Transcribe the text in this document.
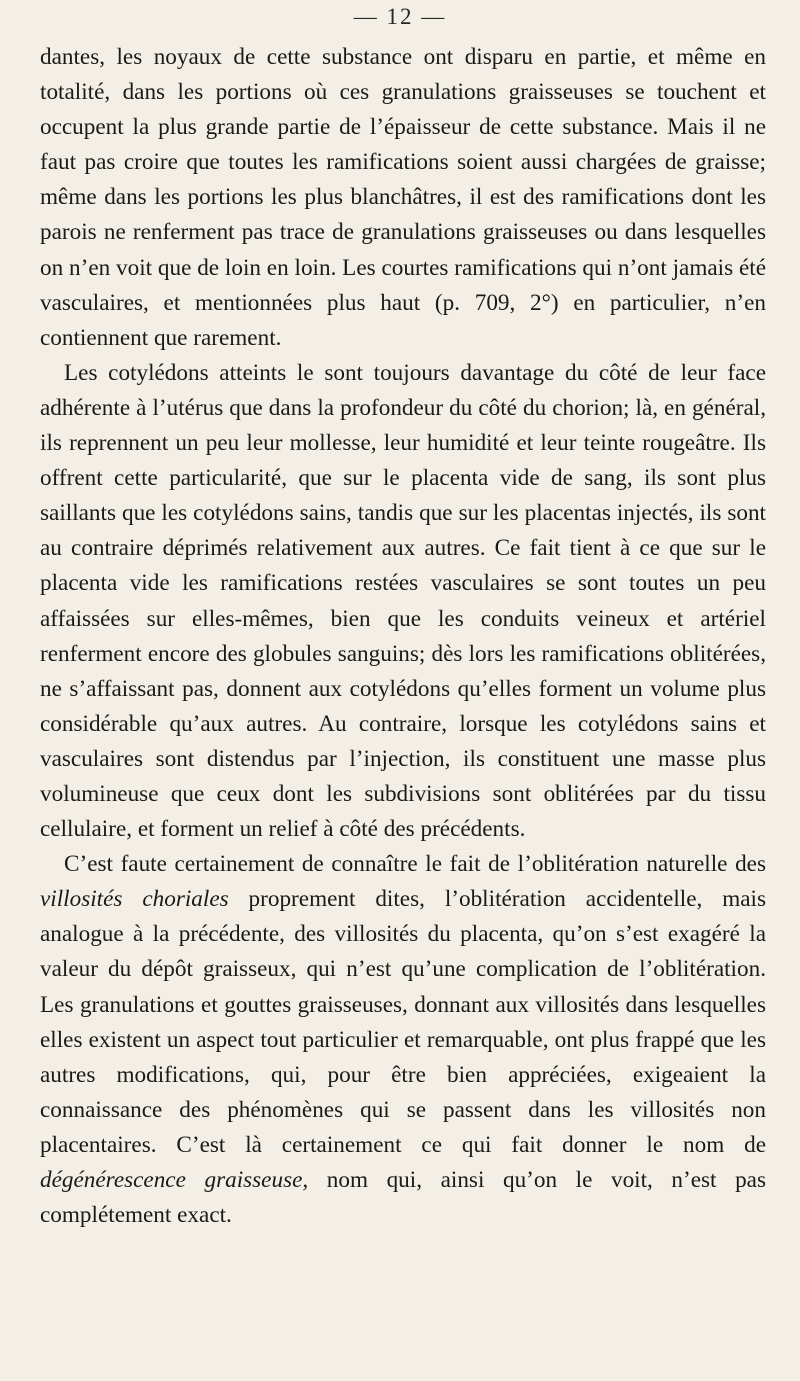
— 12 —

dantes, les noyaux de cette substance ont disparu en partie, et même en totalité, dans les portions où ces granulations graisseuses se touchent et occupent la plus grande partie de l’épaisseur de cette substance. Mais il ne faut pas croire que toutes les ramifications soient aussi chargées de graisse; même dans les portions les plus blanchâtres, il est des ramifications dont les parois ne renferment pas trace de granulations graisseuses ou dans lesquelles on n’en voit que de loin en loin. Les courtes ramifications qui n’ont jamais été vasculaires, et mentionnées plus haut (p. 709, 2°) en particulier, n’en contiennent que rarement.

Les cotylédons atteints le sont toujours davantage du côté de leur face adhérente à l’utérus que dans la profondeur du côté du chorion; là, en général, ils reprennent un peu leur mollesse, leur humidité et leur teinte rougeâtre. Ils offrent cette particularité, que sur le placenta vide de sang, ils sont plus saillants que les cotylédons sains, tandis que sur les placentas injectés, ils sont au contraire déprimés relativement aux autres. Ce fait tient à ce que sur le placenta vide les ramifications restées vasculaires se sont toutes un peu affaissées sur elles-mêmes, bien que les conduits veineux et artériel renferment encore des globules sanguins; dès lors les ramifications oblitérées, ne s’affaissant pas, donnent aux cotylédons qu’elles forment un volume plus considérable qu’aux autres. Au contraire, lorsque les cotylédons sains et vasculaires sont distendus par l’injection, ils constituent une masse plus volumineuse que ceux dont les subdivisions sont oblitérées par du tissu cellulaire, et forment un relief à côté des précédents.

C’est faute certainement de connaître le fait de l’oblitération naturelle des villosités choriales proprement dites, l’oblitération accidentelle, mais analogue à la précédente, des villosités du placenta, qu’on s’est exagéré la valeur du dépôt graisseux, qui n’est qu’une complication de l’oblitération. Les granulations et gouttes graisseuses, donnant aux villosités dans lesquelles elles existent un aspect tout particulier et remarquable, ont plus frappé que les autres modifications, qui, pour être bien appréciées, exigeaient la connaissance des phénomènes qui se passent dans les villosités non placentaires. C’est là certainement ce qui fait donner le nom de dégénérescence graisseuse, nom qui, ainsi qu’on le voit, n’est pas complétement exact.
